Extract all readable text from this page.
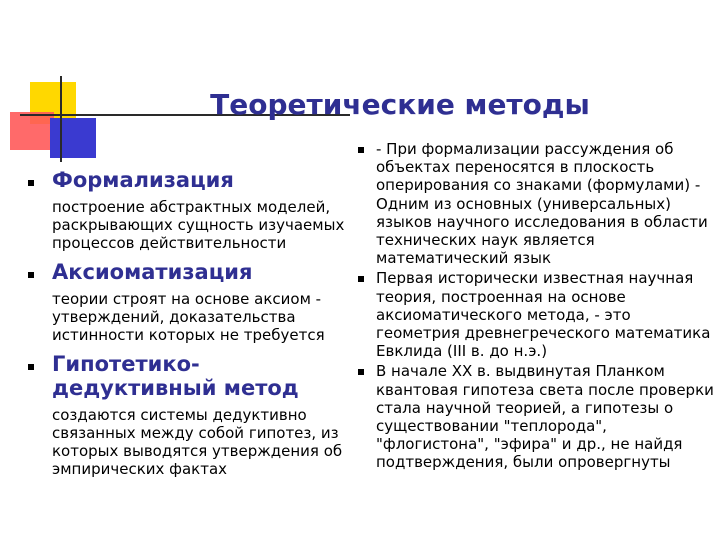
Теоретические методы
Формализация
построение абстрактных моделей, раскрывающих сущность изучаемых процессов действительности
Аксиоматизация
теории строят на основе аксиом - утверждений, доказательства истинности которых не требуется
Гипотетико-дедуктивный метод
создаются системы дедуктивно связанных между собой гипотез, из которых выводятся утверждения об эмпирических фактах
- При формализации рассуждения об объектах переносятся в плоскость оперирования со знаками (формулами) - Одним из основных (универсальных) языков научного исследования в области технических наук является математический язык
Первая исторически известная научная теория, построенная на основе аксиоматического метода, - это геометрия древнегреческого математика Евклида (III в. до н.э.)
В начале XX в. выдвинутая Планком квантовая гипотеза света после проверки стала научной теорией, а гипотезы о существовании "теплорода", "флогистона", "эфира" и др., не найдя подтверждения, были опровергнуты
